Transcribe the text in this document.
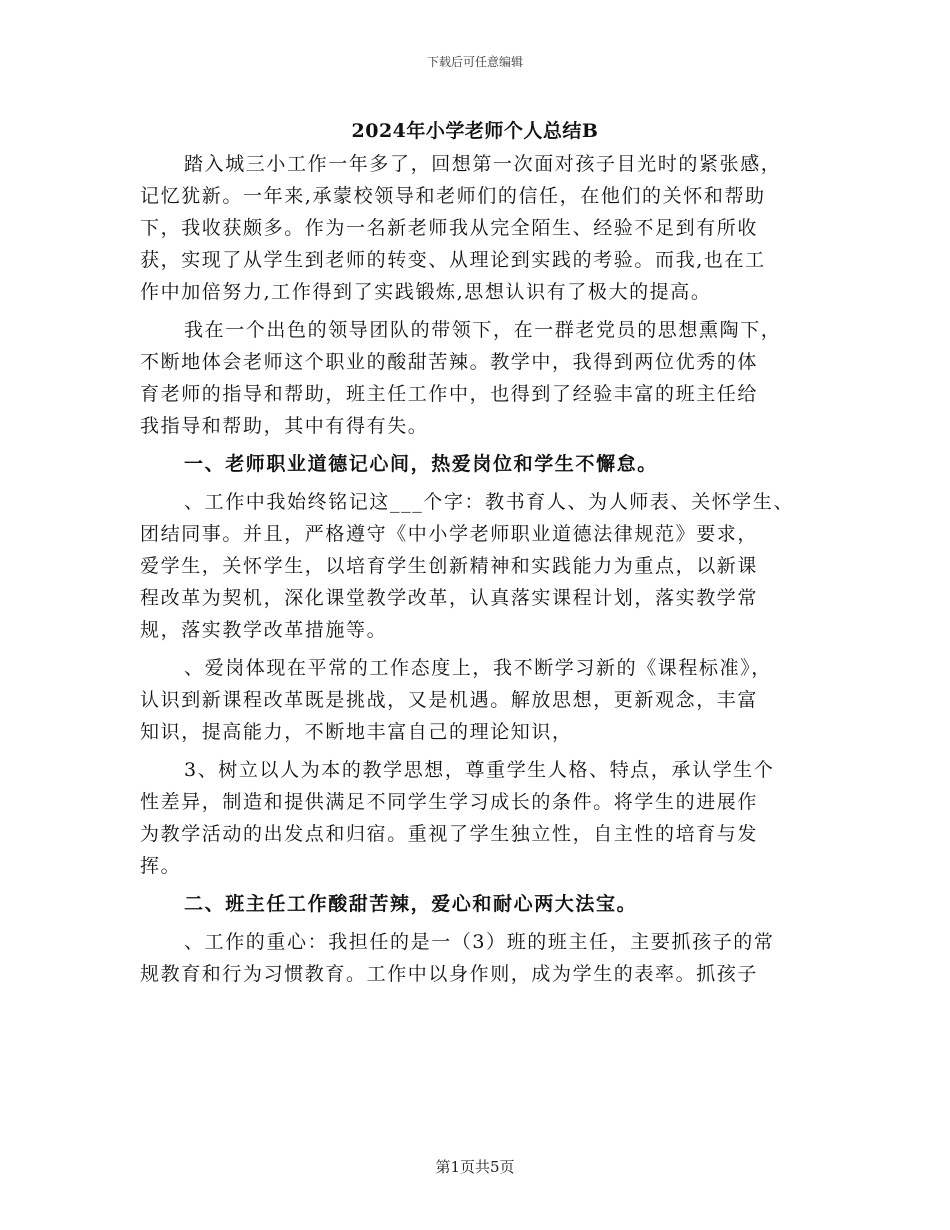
下载后可任意编辑
2024年小学老师个人总结B
踏入城三小工作一年多了，回想第一次面对孩子目光时的紧张感，
记忆犹新。一年来,承蒙校领导和老师们的信任，在他们的关怀和帮助
下，我收获颇多。作为一名新老师我从完全陌生、经验不足到有所收
获，实现了从学生到老师的转变、从理论到实践的考验。而我,也在工
作中加倍努力,工作得到了实践锻炼,思想认识有了极大的提高。
我在一个出色的领导团队的带领下，在一群老党员的思想熏陶下，
不断地体会老师这个职业的酸甜苦辣。教学中，我得到两位优秀的体
育老师的指导和帮助，班主任工作中，也得到了经验丰富的班主任给
我指导和帮助，其中有得有失。
一、老师职业道德记心间，热爱岗位和学生不懈怠。
、工作中我始终铭记这___个字：教书育人、为人师表、关怀学生、
团结同事。并且，严格遵守《中小学老师职业道德法律规范》要求，
爱学生，关怀学生，以培育学生创新精神和实践能力为重点，以新课
程改革为契机，深化课堂教学改革，认真落实课程计划，落实教学常
规，落实教学改革措施等。
、爱岗体现在平常的工作态度上，我不断学习新的《课程标准》，
认识到新课程改革既是挑战，又是机遇。解放思想，更新观念，丰富
知识，提高能力，不断地丰富自己的理论知识，
3、树立以人为本的教学思想，尊重学生人格、特点，承认学生个
性差异，制造和提供满足不同学生学习成长的条件。将学生的进展作
为教学活动的出发点和归宿。重视了学生独立性，自主性的培育与发
挥。
二、班主任工作酸甜苦辣，爱心和耐心两大法宝。
、工作的重心：我担任的是一（3）班的班主任，主要抓孩子的常
规教育和行为习惯教育。工作中以身作则，成为学生的表率。抓孩子
第1页共5页
